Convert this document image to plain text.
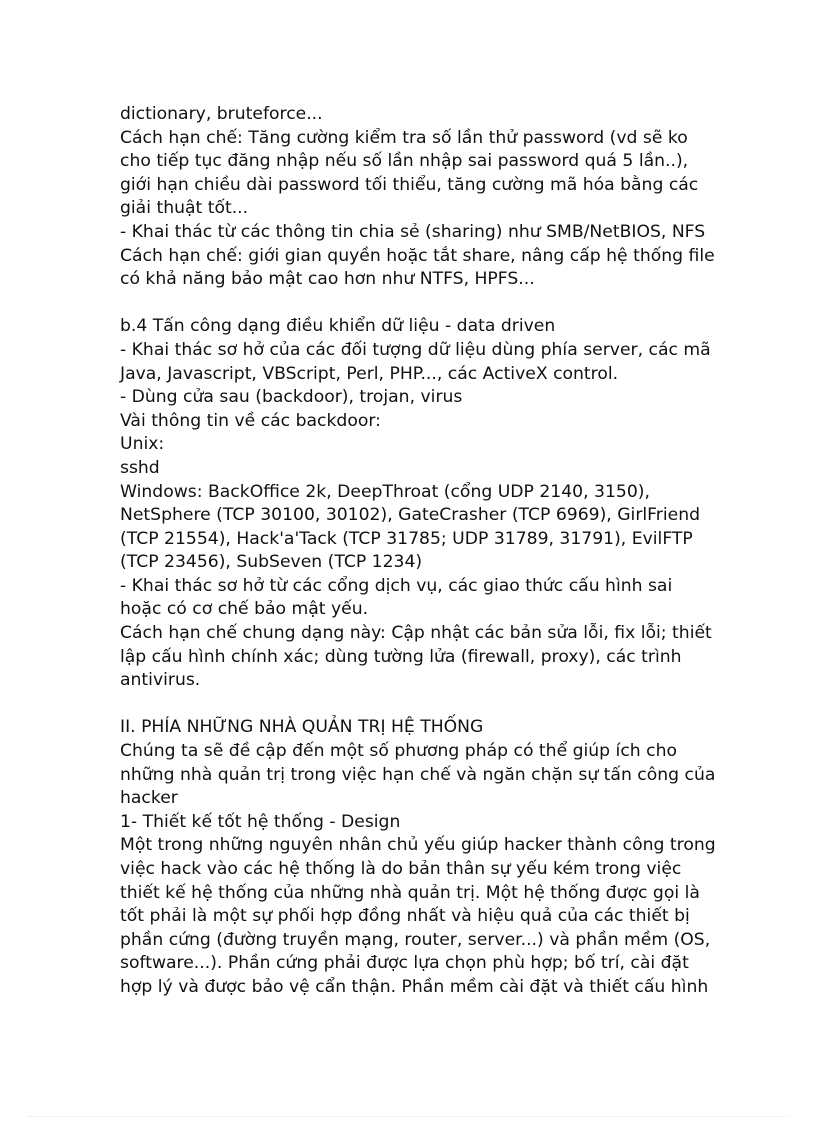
dictionary, bruteforce...
Cách hạn chế: Tăng cường kiểm tra số lần thử password (vd sẽ ko
cho tiếp tục đăng nhập nếu số lần nhập sai password quá 5 lần..),
giới hạn chiều dài password tối thiểu, tăng cường mã hóa bằng các
giải thuật tốt...
- Khai thác từ các thông tin chia sẻ (sharing) như SMB/NetBIOS, NFS
Cách hạn chế: giới gian quyền hoặc tắt share, nâng cấp hệ thống file
có khả năng bảo mật cao hơn như NTFS, HPFS...
b.4 Tấn công dạng điều khiển dữ liệu - data driven
- Khai thác sơ hở của các đối tượng dữ liệu dùng phía server, các mã
Java, Javascript, VBScript, Perl, PHP..., các ActiveX control.
- Dùng cửa sau (backdoor), trojan, virus
Vài thông tin về các backdoor:
Unix:
sshd
Windows: BackOffice 2k, DeepThroat (cổng UDP 2140, 3150),
NetSphere (TCP 30100, 30102), GateCrasher (TCP 6969), GirlFriend
(TCP 21554), Hack'a'Tack (TCP 31785; UDP 31789, 31791), EvilFTP
(TCP 23456), SubSeven (TCP 1234)
- Khai thác sơ hở từ các cổng dịch vụ, các giao thức cấu hình sai
hoặc có cơ chế bảo mật yếu.
Cách hạn chế chung dạng này: Cập nhật các bản sửa lỗi, fix lỗi; thiết
lập cấu hình chính xác; dùng tường lửa (firewall, proxy), các trình
antivirus.
II. PHÍA NHỮNG NHÀ QUẢN TRỊ HỆ THỐNG
Chúng ta sẽ đề cập đến một số phương pháp có thể giúp ích cho
những nhà quản trị trong việc hạn chế và ngăn chặn sự tấn công của
hacker
1- Thiết kế tốt hệ thống - Design
Một trong những nguyên nhân chủ yếu giúp hacker thành công trong
việc hack vào các hệ thống là do bản thân sự yếu kém trong việc
thiết kế hệ thống của những nhà quản trị. Một hệ thống được gọi là
tốt phải là một sự phối hợp đồng nhất và hiệu quả của các thiết bị
phần cứng (đường truyền mạng, router, server...) và phần mềm (OS,
software...). Phần cứng phải được lựa chọn phù hợp; bố trí, cài đặt
hợp lý và được bảo vệ cẩn thận. Phần mềm cài đặt và thiết cấu hình
